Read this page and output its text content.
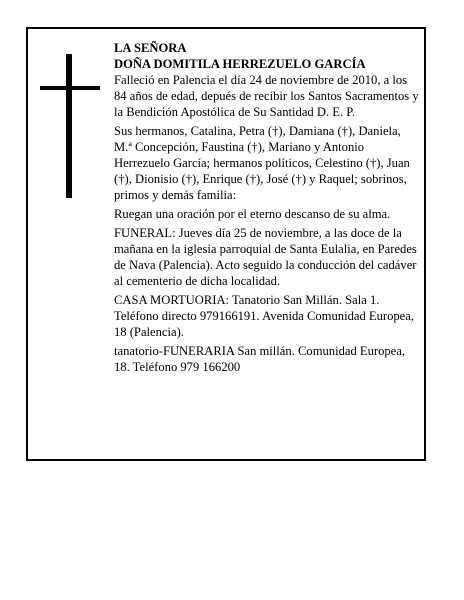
LA SEÑORA

DOÑA DOMITILA HERREZUELO GARCÍA

Falleció en Palencia el día 24 de noviembre de 2010, a los 84 años de edad, depués de recibir los Santos Sacramentos y la Bendición Apostólica de Su Santidad D. E. P.

Sus hermanos, Catalina, Petra (†), Damiana (†), Daniela, M.ª Concepción, Faustina (†), Mariano y Antonio Herrezuelo García; hermanos políticos, Celestino (†), Juan (†), Dionisio (†), Enrique (†), José (†) y Raquel; sobrinos, primos y demás familia:

Ruegan una oración por el eterno descanso de su alma.

FUNERAL: Jueves día 25 de noviembre, a las doce de la mañana en la iglesia parroquial de Santa Eulalia, en Paredes de Nava (Palencia). Acto seguido la conducción del cadáver al cementerio de dicha localidad.

CASA MORTUORIA: Tanatorio San Millán. Sala 1. Teléfono directo 979166191. Avenida Comunidad Europea, 18 (Palencia).

tanatorio-FUNERARIA San millán. Comunidad Europea, 18. Teléfono 979 166200
